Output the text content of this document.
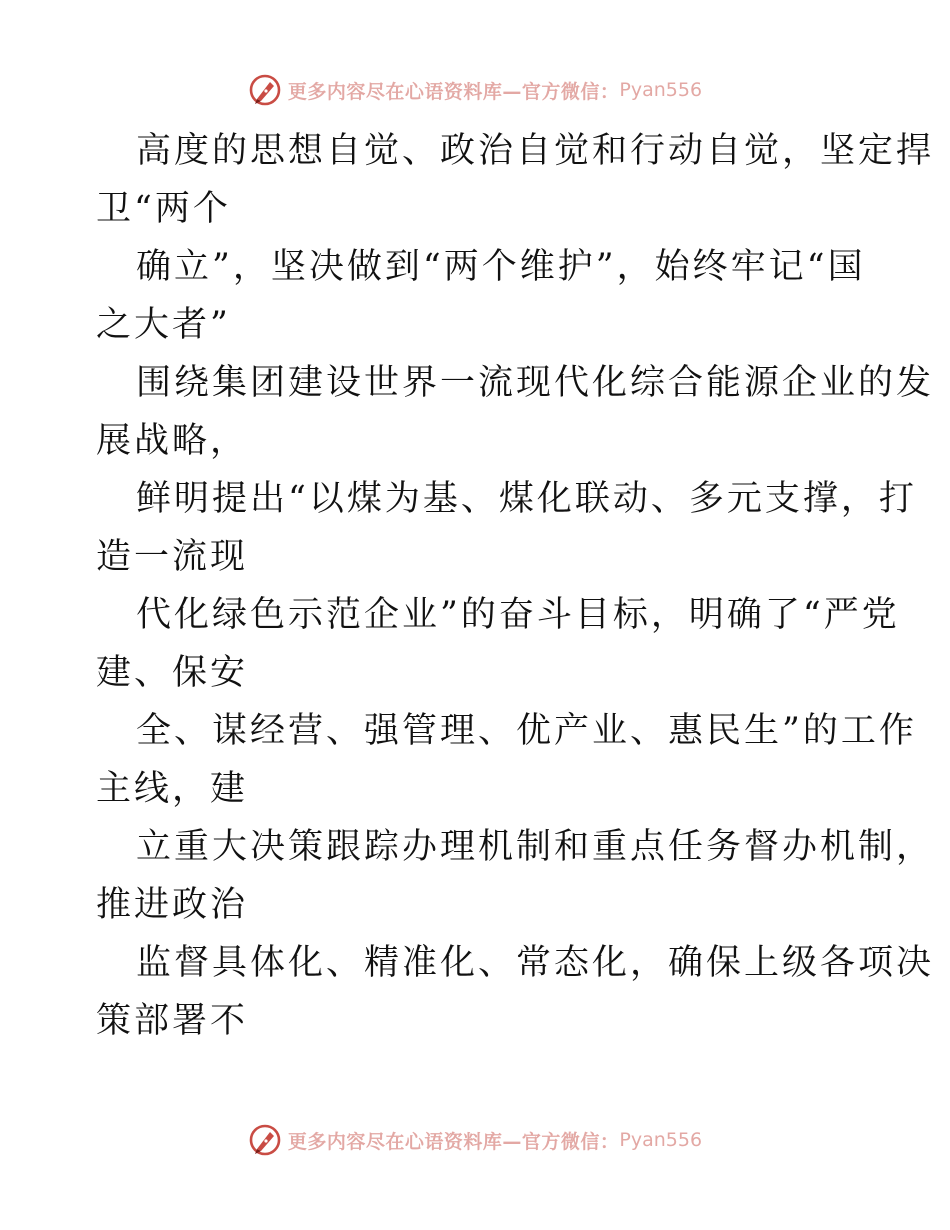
更多内容尽在心语资料库—官方微信： Pyan556
高度的思想自觉、政治自觉和行动自觉，坚定捍
卫“两个
确立”，坚决做到“两个维护”，始终牢记“国
之大者”
围绕集团建设世界一流现代化综合能源企业的发
展战略，
鲜明提出“以煤为基、煤化联动、多元支撑，打
造一流现
代化绿色示范企业”的奋斗目标，明确了“严党
建、保安
全、谋经营、强管理、优产业、惠民生”的工作
主线，建
立重大决策跟踪办理机制和重点任务督办机制，
推进政治
监督具体化、精准化、常态化，确保上级各项决
策部署不
更多内容尽在心语资料库—官方微信： Pyan556
